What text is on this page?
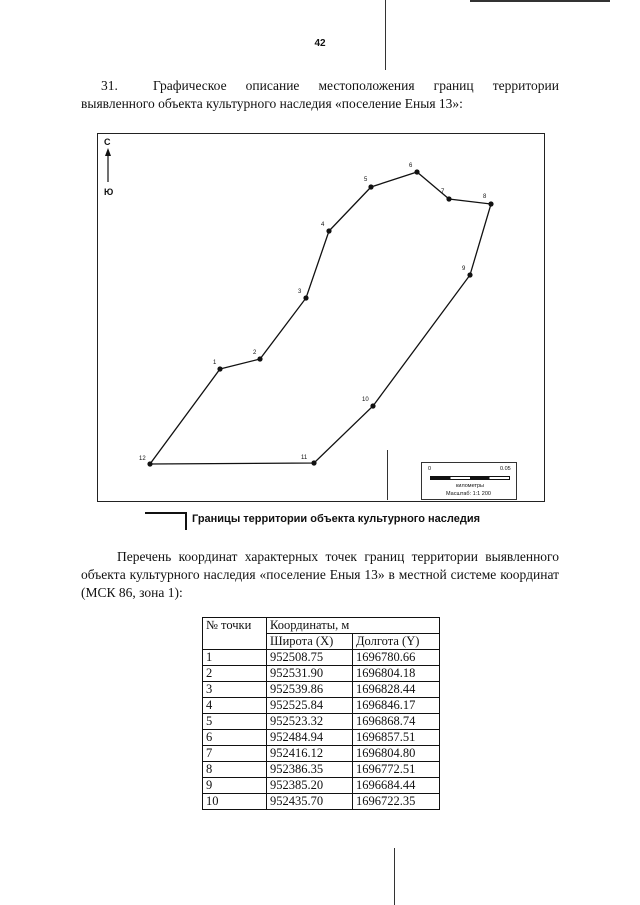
42
31.	Графическое описание местоположения границ территории выявленного объекта культурного наследия «поселение Еныя 13»:
С
Ю
1
2
3
4
5
6
7
8
9
10
11
12
0	0.05
километры
Масштаб: 1:1 200
Границы территории объекта культурного наследия
Перечень координат характерных точек границ территории выявленного объекта культурного наследия «поселение Еныя 13» в местной системе координат (МСК 86, зона 1):
№ точки	Координаты, м	
	Широта (X)	Долгота (Y)
1	952508.75	1696780.66
2	952531.90	1696804.18
3	952539.86	1696828.44
4	952525.84	1696846.17
5	952523.32	1696868.74
6	952484.94	1696857.51
7	952416.12	1696804.80
8	952386.35	1696772.51
9	952385.20	1696684.44
10	952435.70	1696722.35
